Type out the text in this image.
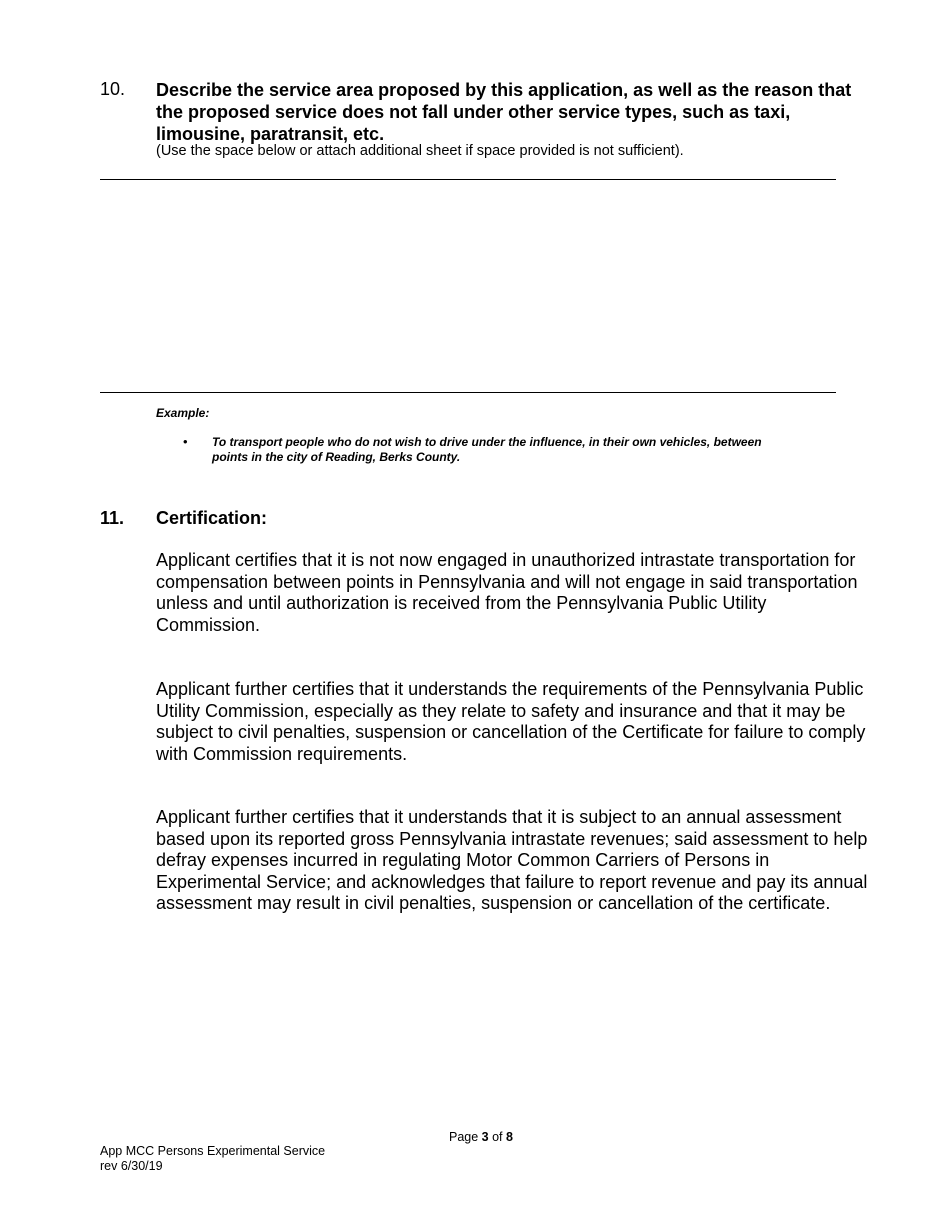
10. Describe the service area proposed by this application, as well as the reason that the proposed service does not fall under other service types, such as taxi, limousine, paratransit, etc.
(Use the space below or attach additional sheet if space provided is not sufficient).
Example:
• To transport people who do not wish to drive under the influence, in their own vehicles, between points in the city of Reading, Berks County.
11. Certification:
Applicant certifies that it is not now engaged in unauthorized intrastate transportation for compensation between points in Pennsylvania and will not engage in said transportation unless and until authorization is received from the Pennsylvania Public Utility Commission.
Applicant further certifies that it understands the requirements of the Pennsylvania Public Utility Commission, especially as they relate to safety and insurance and that it may be subject to civil penalties, suspension or cancellation of the Certificate for failure to comply with Commission requirements.
Applicant further certifies that it understands that it is subject to an annual assessment based upon its reported gross Pennsylvania intrastate revenues; said assessment to help defray expenses incurred in regulating Motor Common Carriers of Persons in Experimental Service; and acknowledges that failure to report revenue and pay its annual assessment may result in civil penalties, suspension or cancellation of the certificate.
Page 3 of 8
App MCC Persons Experimental Service
rev 6/30/19
